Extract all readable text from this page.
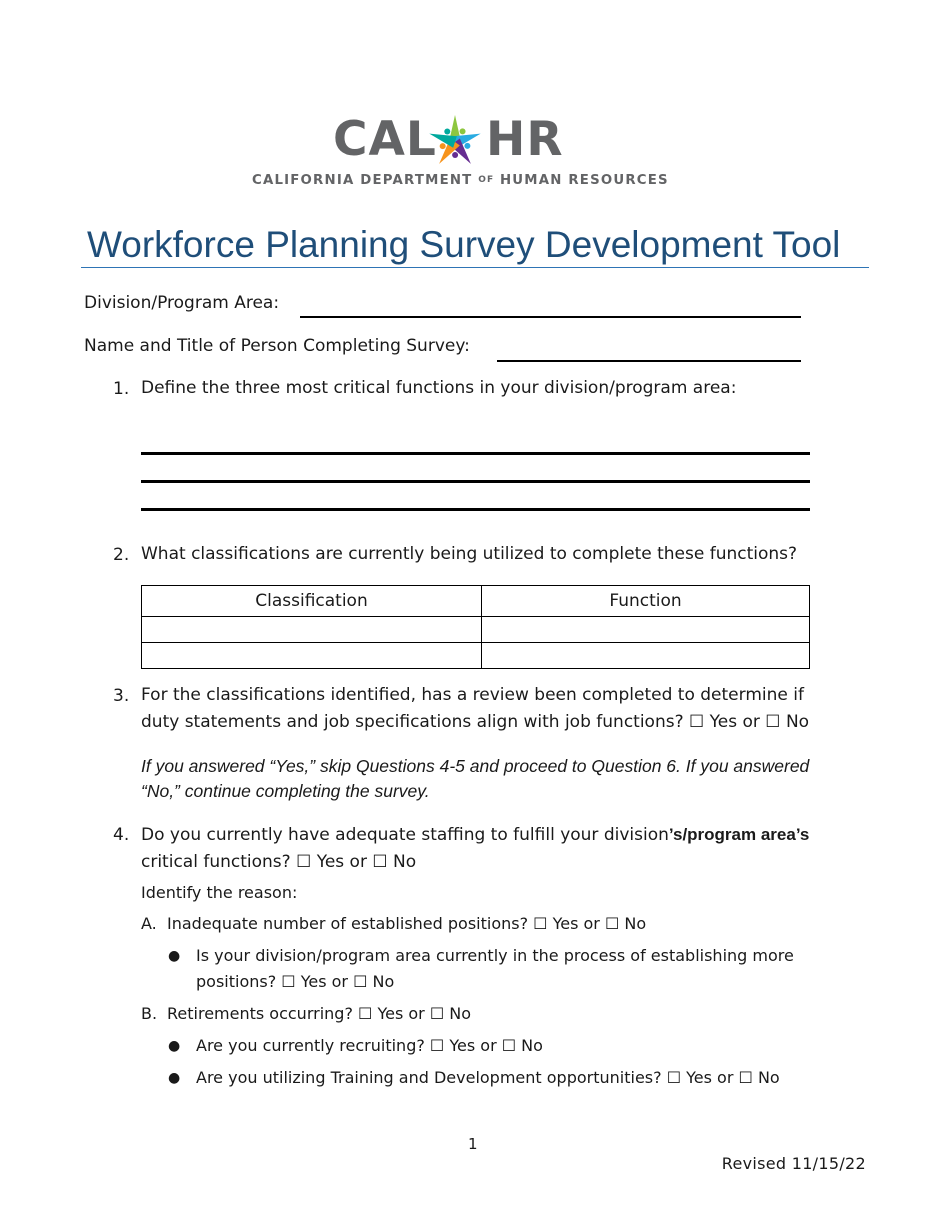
CAL HR
CALIFORNIA DEPARTMENT OF HUMAN RESOURCES
Workforce Planning Survey Development Tool
Division/Program Area:
Name and Title of Person Completing Survey:
1. Define the three most critical functions in your division/program area:
2. What classifications are currently being utilized to complete these functions?
Classification	Function

3. For the classifications identified, has a review been completed to determine if
duty statements and job specifications align with job functions? ☐ Yes or ☐ No
If you answered “Yes,” skip Questions 4-5 and proceed to Question 6. If you answered
“No,” continue completing the survey.
4. Do you currently have adequate staffing to fulfill your division’s/program area’s
critical functions? ☐ Yes or ☐ No
Identify the reason:
A. Inadequate number of established positions? ☐ Yes or ☐ No
● Is your division/program area currently in the process of establishing more
positions? ☐ Yes or ☐ No
B. Retirements occurring? ☐ Yes or ☐ No
● Are you currently recruiting? ☐ Yes or ☐ No
● Are you utilizing Training and Development opportunities? ☐ Yes or ☐ No
1
Revised 11/15/22
